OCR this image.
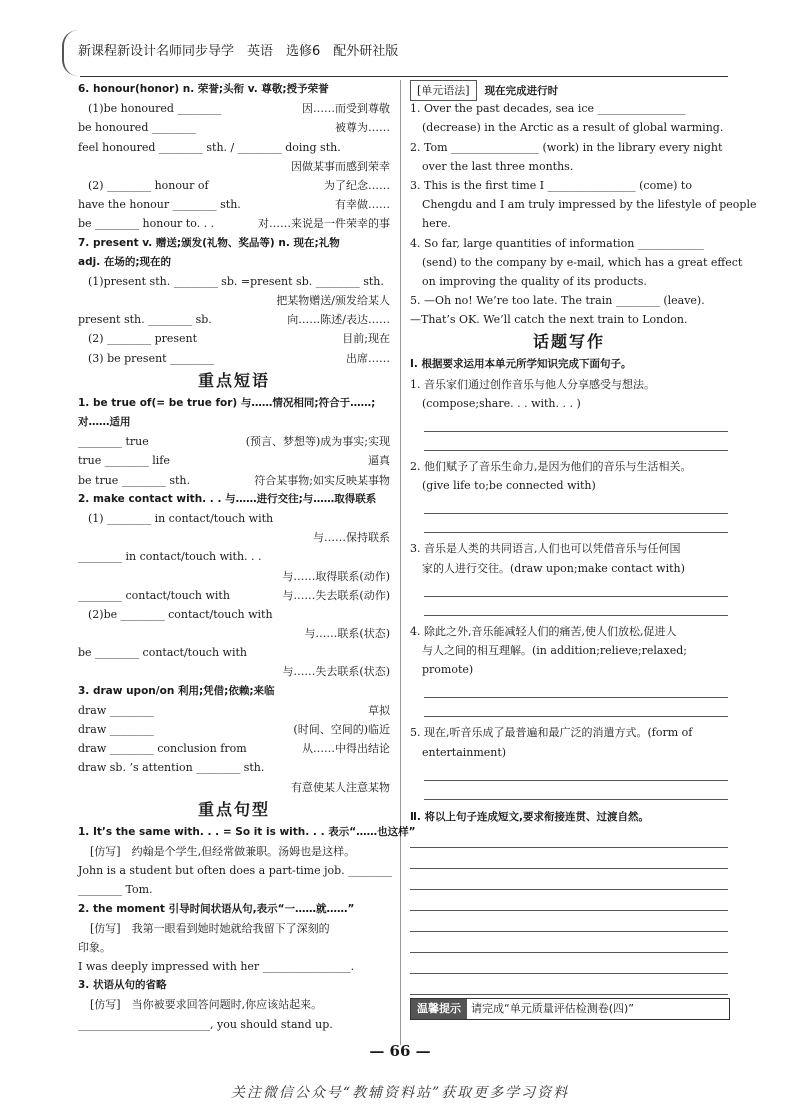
新课程新设计名师同步导学　英语　选修6　配外研社版
6. honour(honor) n. 荣誉;头衔 v. 尊敬;授予荣誉
(1)be honoured ________	因……而受到尊敬
be honoured ________	被尊为……
feel honoured ________ sth. / ________ doing sth.
因做某事而感到荣幸
(2) ________ honour of	为了纪念……
have the honour ________ sth.	有幸做……
be ________ honour to. . .	对……来说是一件荣幸的事
7. present v. 赠送;颁发(礼物、奖品等) n. 现在;礼物
adj. 在场的;现在的
(1)present sth. ________ sb. =present sb. ________ sth.
把某物赠送/颁发给某人
present sth. ________ sb.	向……陈述/表达……
(2) ________ present	目前;现在
(3) be present ________	出席……
重点短语
1. be true of(= be true for) 与……情况相同;符合于……;
对……适用
________ true	(预言、梦想等)成为事实;实现
true ________ life	逼真
be true ________ sth.	符合某事物;如实反映某事物
2. make contact with. . . 与……进行交往;与……取得联系
(1) ________ in contact/touch with
与……保持联系
________ in contact/touch with. . .
与……取得联系(动作)
________ contact/touch with	与……失去联系(动作)
(2)be ________ contact/touch with
与……联系(状态)
be ________ contact/touch with
与……失去联系(状态)
3. draw upon/on 利用;凭借;依赖;来临
draw ________	草拟
draw ________	(时间、空间的)临近
draw ________ conclusion from	从……中得出结论
draw sb. ’s attention ________ sth.
有意使某人注意某物
重点句型
1. It’s the same with. . . = So it is with. . . 表示“……也这样”
[仿写]　约翰是个学生,但经常做兼职。汤姆也是这样。
John is a student but often does a part-time job. ________
________ Tom.
2. the moment 引导时间状语从句,表示“一……就……”
[仿写]　我第一眼看到她时她就给我留下了深刻的
印象。
I was deeply impressed with her ________________.
3. 状语从句的省略
[仿写]　当你被要求回答问题时,你应该站起来。
________________________, you should stand up.
[单元语法] 现在完成进行时
1. Over the past decades, sea ice ________________
(decrease) in the Arctic as a result of global warming.
2. Tom ________________ (work) in the library every night
over the last three months.
3. This is the first time I ________________ (come) to
Chengdu and I am truly impressed by the lifestyle of people
here.
4. So far, large quantities of information ____________
(send) to the company by e-mail, which has a great effect
on improving the quality of its products.
5. —Oh no! We’re too late. The train ________ (leave).
—That’s OK. We’ll catch the next train to London.
话题写作
Ⅰ. 根据要求运用本单元所学知识完成下面句子。
1. 音乐家们通过创作音乐与他人分享感受与想法。
(compose;share. . . with. . . )
2. 他们赋予了音乐生命力,是因为他们的音乐与生活相关。
(give life to;be connected with)
3. 音乐是人类的共同语言,人们也可以凭借音乐与任何国
家的人进行交往。(draw upon;make contact with)
4. 除此之外,音乐能减轻人们的痛苦,使人们放松,促进人
与人之间的相互理解。(in addition;relieve;relaxed;
promote)
5. 现在,听音乐成了最普遍和最广泛的消遣方式。(form of
entertainment)
Ⅱ. 将以上句子连成短文,要求衔接连贯、过渡自然。
温馨提示 请完成“单元质量评估检测卷(四)”
— 66 —
关注微信公众号“教辅资料站”获取更多学习资料
